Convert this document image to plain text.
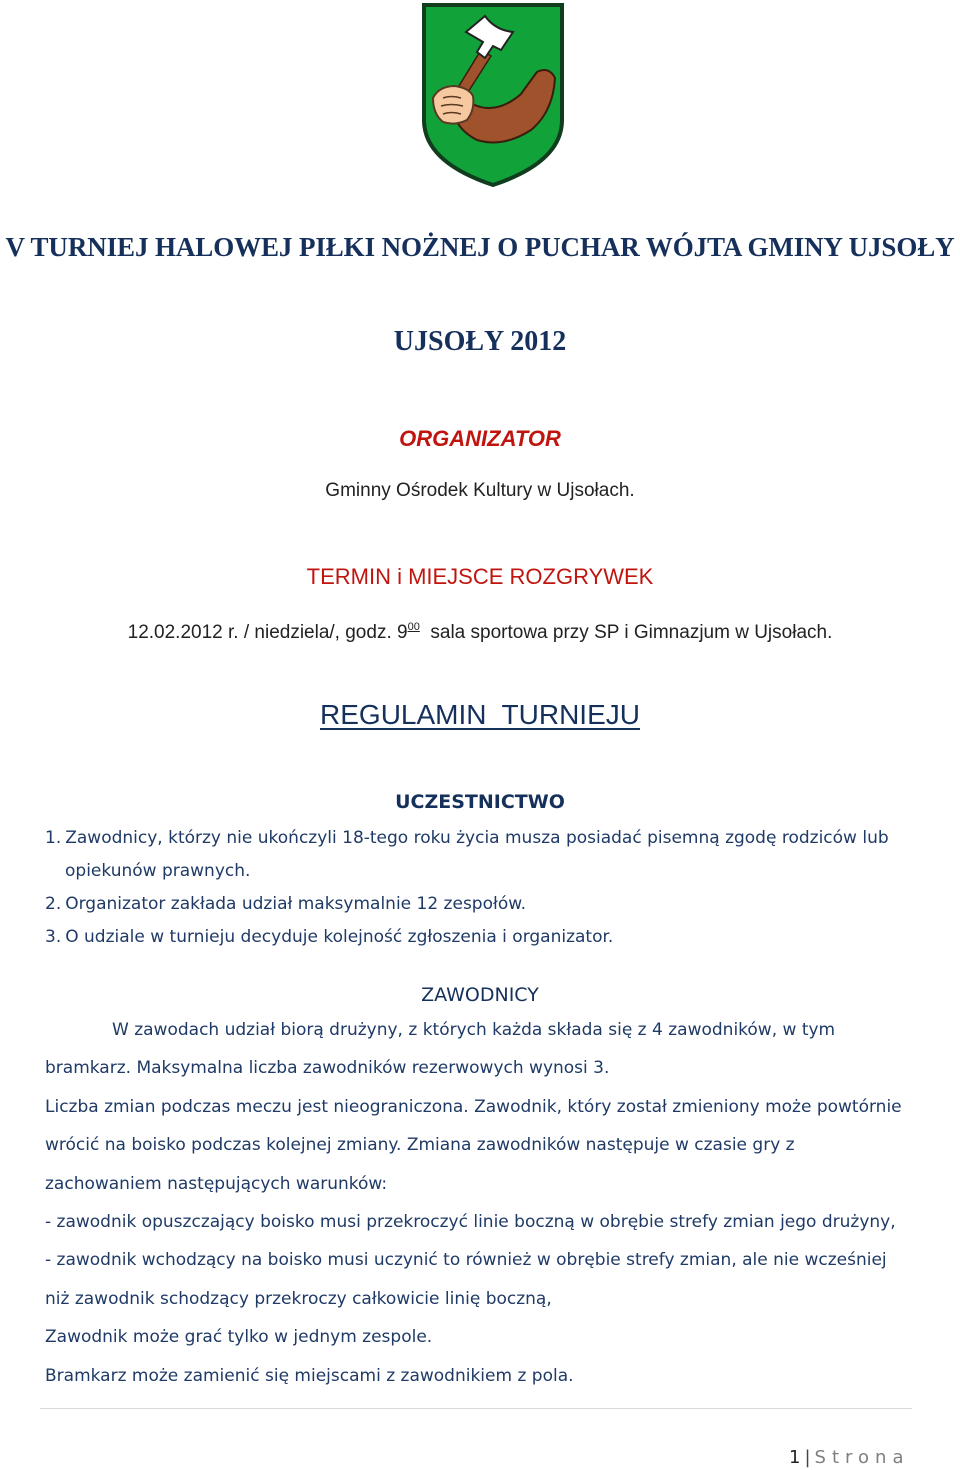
V TURNIEJ HALOWEJ PIŁKI NOŻNEJ O PUCHAR WÓJTA GMINY UJSOŁY
UJSOŁY 2012
ORGANIZATOR
Gminny Ośrodek Kultury w Ujsołach.
TERMIN i MIEJSCE ROZGRYWEK
12.02.2012 r. / niedziela/, godz. $9^{00}$ sala sportowa przy SP i Gimnazjum w Ujsołach.
REGULAMIN  TURNIEJU
UCZESTNICTWO
1. Zawodnicy, którzy nie ukończyli 18-tego roku życia musza posiadać pisemną zgodę rodziców lub
opiekunów prawnych.
2. Organizator zakłada udział maksymalnie 12 zespołów.
3. O udziale w turnieju decyduje kolejność zgłoszenia i organizator.
ZAWODNICY
W zawodach udział biorą drużyny, z których każda składa się z 4 zawodników, w tym
bramkarz. Maksymalna liczba zawodników rezerwowych wynosi 3.
Liczba zmian podczas meczu jest nieograniczona. Zawodnik, który został zmieniony może powtórnie
wrócić na boisko podczas kolejnej zmiany. Zmiana zawodników następuje w czasie gry z
zachowaniem następujących warunków:
- zawodnik opuszczający boisko musi przekroczyć linie boczną w obrębie strefy zmian jego drużyny,
- zawodnik wchodzący na boisko musi uczynić to również w obrębie strefy zmian, ale nie wcześniej
niż zawodnik schodzący przekroczy całkowicie linię boczną,
Zawodnik może grać tylko w jednym zespole.
Bramkarz może zamienić się miejscami z zawodnikiem z pola.
1 | Strona
